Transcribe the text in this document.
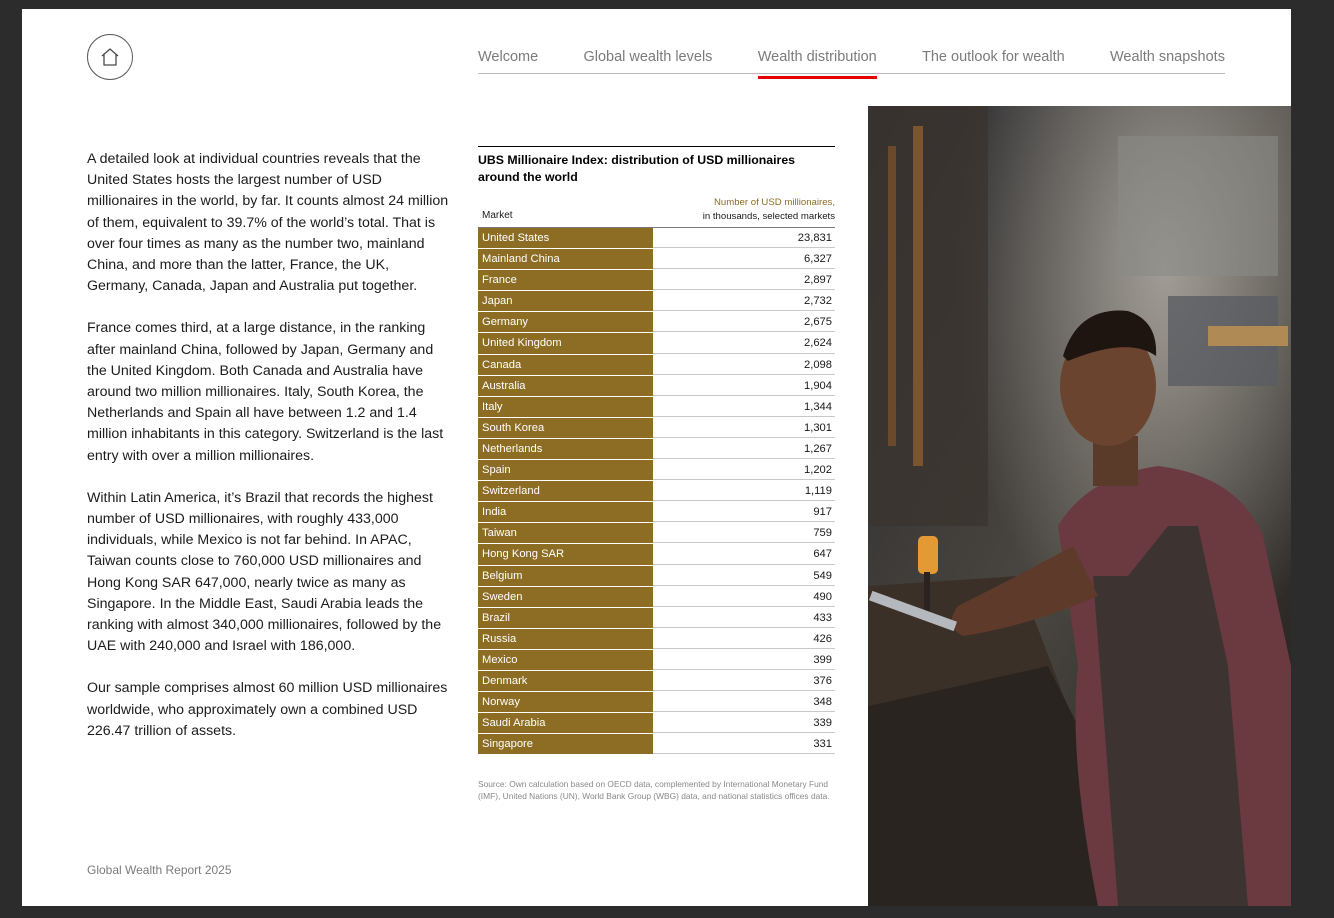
Welcome	Global wealth levels	Wealth distribution	The outlook for wealth	Wealth snapshots

A detailed look at individual countries reveals that the United States hosts the largest number of USD millionaires in the world, by far. It counts almost 24 million of them, equivalent to 39.7% of the world’s total. That is over four times as many as the number two, mainland China, and more than the latter, France, the UK, Germany, Canada, Japan and Australia put together.

France comes third, at a large distance, in the ranking after mainland China, followed by Japan, Germany and the United Kingdom. Both Canada and Australia have around two million millionaires. Italy, South Korea, the Netherlands and Spain all have between 1.2 and 1.4 million inhabitants in this category. Switzerland is the last entry with over a million millionaires.

Within Latin America, it’s Brazil that records the highest number of USD millionaires, with roughly 433,000 individuals, while Mexico is not far behind. In APAC, Taiwan counts close to 760,000 USD millionaires and Hong Kong SAR 647,000, nearly twice as many as Singapore. In the Middle East, Saudi Arabia leads the ranking with almost 340,000 millionaires, followed by the UAE with 240,000 and Israel with 186,000.

Our sample comprises almost 60 million USD millionaires worldwide, who approximately own a combined USD 226.47 trillion of assets.

UBS Millionaire Index: distribution of USD millionaires around the world
Market
Number of USD millionaires,
in thousands, selected markets
United States	23,831
Mainland China	6,327
France	2,897
Japan	2,732
Germany	2,675
United Kingdom	2,624
Canada	2,098
Australia	1,904
Italy	1,344
South Korea	1,301
Netherlands	1,267
Spain	1,202
Switzerland	1,119
India	917
Taiwan	759
Hong Kong SAR	647
Belgium	549
Sweden	490
Brazil	433
Russia	426
Mexico	399
Denmark	376
Norway	348
Saudi Arabia	339
Singapore	331
Source: Own calculation based on OECD data, complemented by International Monetary Fund (IMF), United Nations (UN), World Bank Group (WBG) data, and national statistics offices data.
Global Wealth Report 2025
